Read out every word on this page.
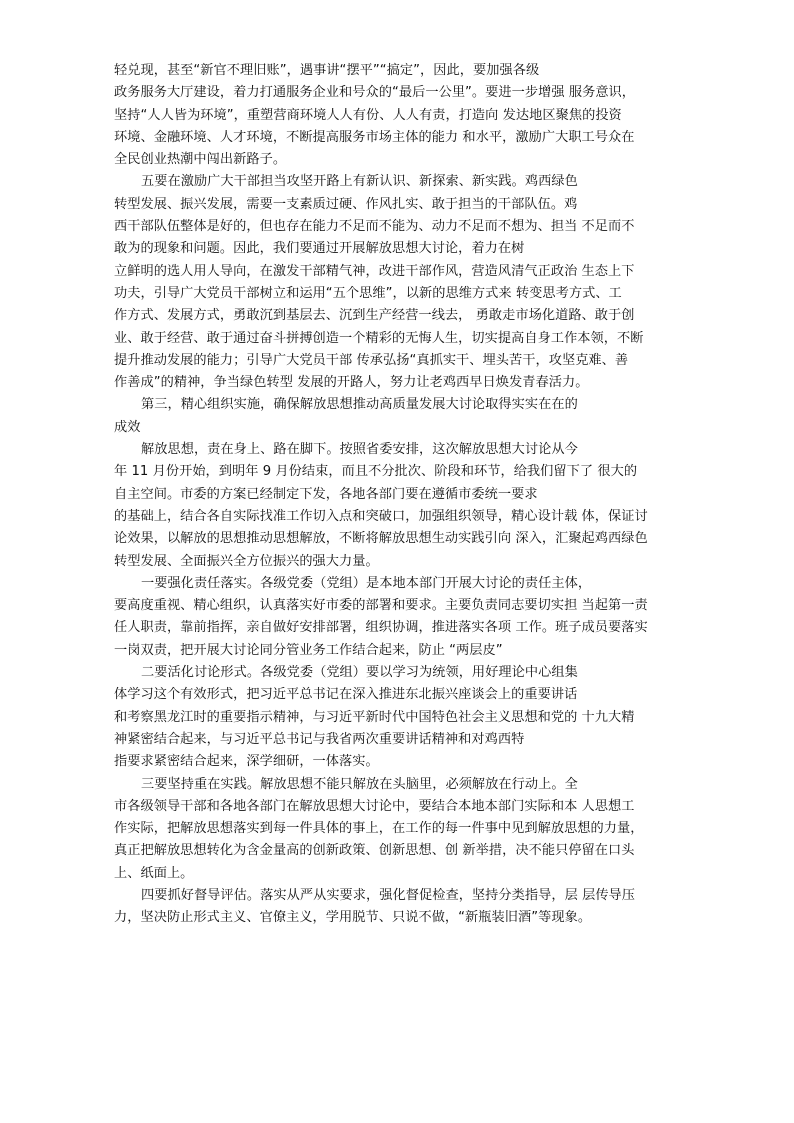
轻兑现，甚至“新官不理旧账”，遇事讲“摆平”“搞定”，因此，要加强各级
政务服务大厅建设，着力打通服务企业和号众的“最后一公里”。要进一步增强 服务意识，
坚持“人人皆为环境”，重塑营商环境人人有份、人人有责，打造向 发达地区聚焦的投资
环境、金融环境、人才环境，不断提高服务市场主体的能力 和水平，激励广大职工号众在
全民创业热潮中闯出新路子。
五要在激励广大干部担当攻坚开路上有新认识、新探索、新实践。鸡西绿色
转型发展、振兴发展，需要一支素质过硬、作风扎实、敢于担当的干部队伍。鸡
西干部队伍整体是好的，但也存在能力不足而不能为、动力不足而不想为、担当 不足而不
敢为的现象和问题。因此，我们要通过开展解放思想大讨论，着力在树
立鲜明的选人用人导向，在激发干部精气神，改进干部作风，营造风清气正政治 生态上下
功夫，引导广大党员干部树立和运用“五个思维”，以新的思维方式来 转变思考方式、工
作方式、发展方式，勇敢沉到基层去、沉到生产经营一线去， 勇敢走市场化道路、敢于创
业、敢于经营、敢于通过奋斗拼搏创造一个精彩的无悔人生，切实提高自身工作本领，不断
提升推动发展的能力；引导广大党员干部 传承弘扬“真抓实干、埋头苦干，攻坚克难、善
作善成”的精神，争当绿色转型 发展的开路人，努力让老鸡西早日焕发青春活力。
第三，精心组织实施，确保解放思想推动高质量发展大讨论取得实实在在的
成效
解放思想，责在身上、路在脚下。按照省委安排，这次解放思想大讨论从今
年 11 月份开始，到明年 9 月份结束，而且不分批次、阶段和环节，给我们留下了 很大的
自主空间。市委的方案已经制定下发，各地各部门要在遵循市委统一要求
的基础上，结合各自实际找准工作切入点和突破口，加强组织领导，精心设计载 体，保证讨
论效果，以解放的思想推动思想解放，不断将解放思想生动实践引向 深入，汇聚起鸡西绿色
转型发展、全面振兴全方位振兴的强大力量。
一要强化责任落实。各级党委（党组）是本地本部门开展大讨论的责任主体，
要高度重视、精心组织，认真落实好市委的部署和要求。主要负责同志要切实担 当起第一责
任人职责，靠前指挥，亲自做好安排部署，组织协调，推进落实各项 工作。班子成员要落实
一岗双责，把开展大讨论同分管业务工作结合起来，防止 “两层皮”
二要活化讨论形式。各级党委（党组）要以学习为统领，用好理论中心组集
体学习这个有效形式，把习近平总书记在深入推进东北振兴座谈会上的重要讲话
和考察黑龙江时的重要指示精神，与习近平新时代中国特色社会主义思想和党的 十九大精
神紧密结合起来，与习近平总书记与我省两次重要讲话精神和对鸡西特
指要求紧密结合起来，深学细研，一体落实。
三要坚持重在实践。解放思想不能只解放在头脑里，必须解放在行动上。全
市各级领导干部和各地各部门在解放思想大讨论中，要结合本地本部门实际和本 人思想工
作实际，把解放思想落实到每一件具体的事上，在工作的每一件事中见到解放思想的力量，
真正把解放思想转化为含金量高的创新政策、创新思想、创 新举措，决不能只停留在口头
上、纸面上。
四要抓好督导评估。落实从严从实要求，强化督促检查，坚持分类指导，层 层传导压
力，坚决防止形式主义、官僚主义，学用脱节、只说不做，“新瓶装旧酒”等现象。
